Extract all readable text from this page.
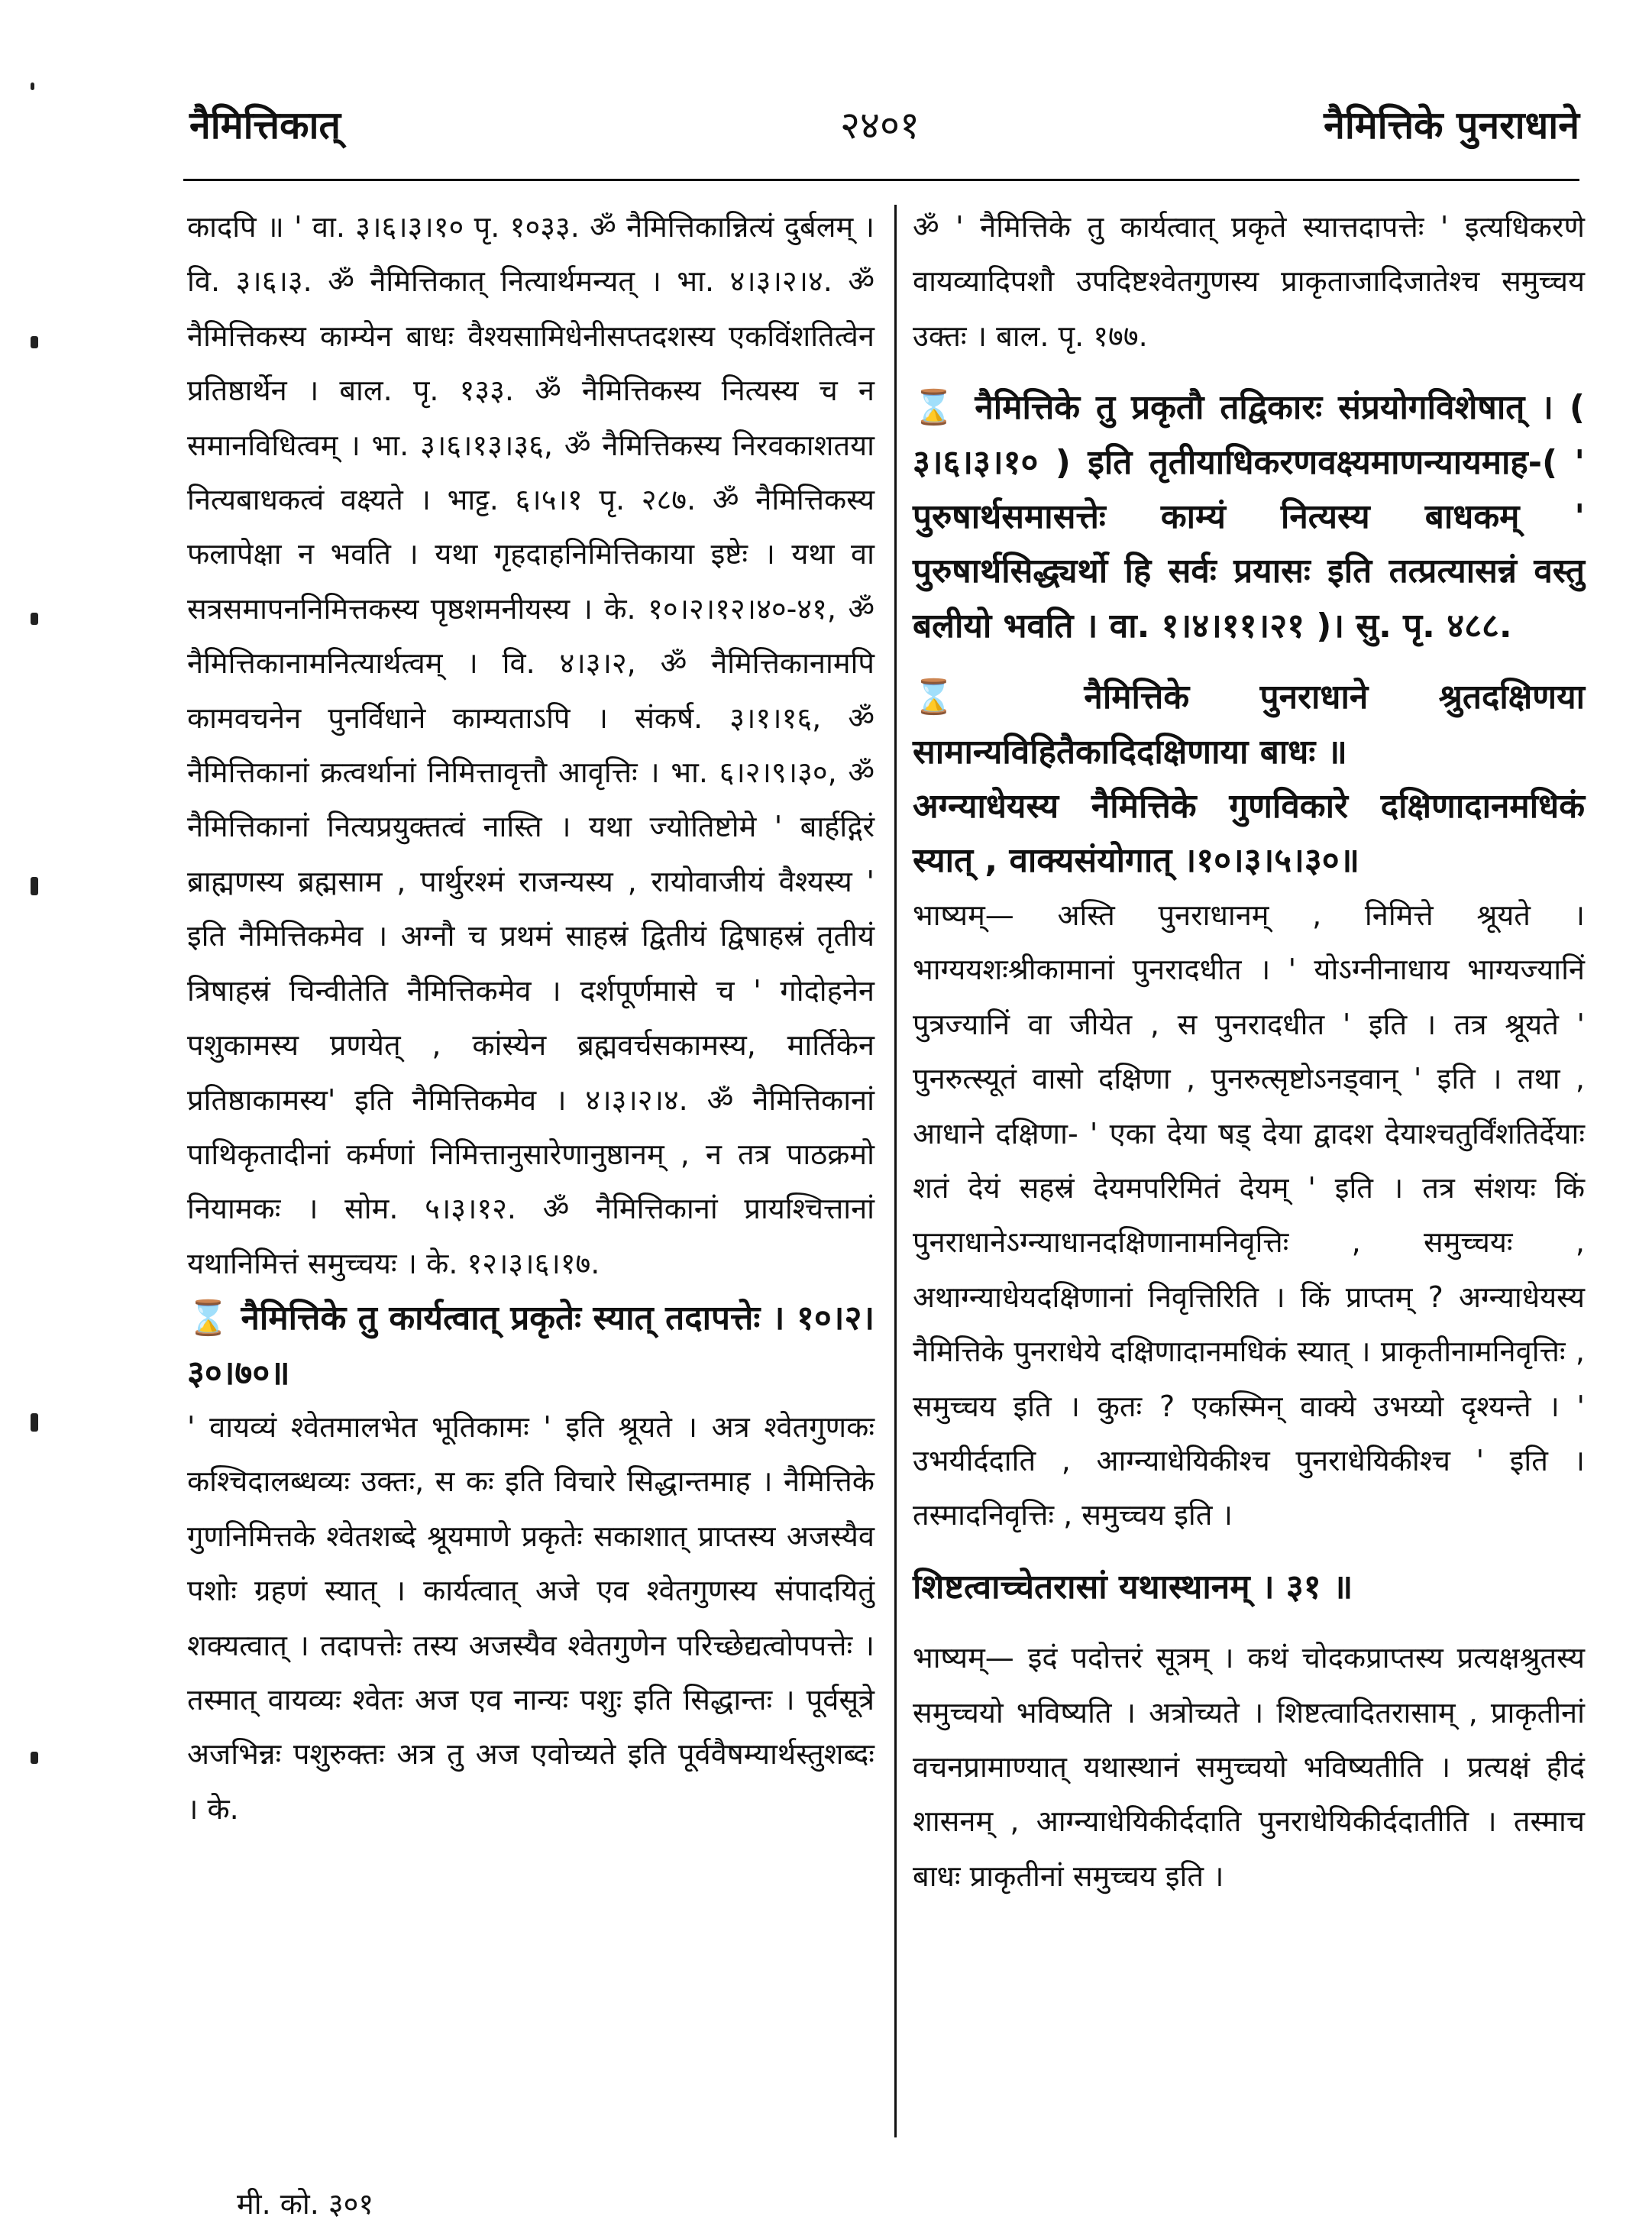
नैमित्तिकात्	२४०१	नैमित्तिके पुनराधाने

कादपि ॥ ' वा. ३।६।३।१० पृ. १०३३. ॐ नैमित्तिकान्नित्यं दुर्बलम् । वि. ३।६।३. ॐ नैमित्तिकात् नित्यार्थमन्यत् । भा. ४।३।२।४. ॐ नैमित्तिकस्य काम्येन बाधः वैश्यसामिधेनीसप्तदशस्य एकविंशतित्वेन प्रतिष्ठार्थेन । बाल. पृ. १३३. ॐ नैमित्तिकस्य नित्यस्य च न समानविधित्वम् । भा. ३।६।१३।३६, ॐ नैमित्तिकस्य निरवकाशतया नित्यबाधकत्वं वक्ष्यते । भाट्ट. ६।५।१ पृ. २८७. ॐ नैमित्तिकस्य फलापेक्षा न भवति । यथा गृहदाहनिमित्तिकाया इष्टेः । यथा वा सत्रसमापननिमित्तकस्य पृष्ठशमनीयस्य । के. १०।२।१२।४०-४१, ॐ नैमित्तिकानामनित्यार्थत्वम् । वि. ४।३।२, ॐ नैमित्तिकानामपि कामवचनेन पुनर्विधाने काम्यताऽपि । संकर्ष. ३।१।१६, ॐ नैमित्तिकानां क्रत्वर्थानां निमित्तावृत्तौ आवृत्तिः । भा. ६।२।९।३०, ॐ नैमित्तिकानां नित्यप्रयुक्तत्वं नास्ति । यथा ज्योतिष्टोमे ' बार्हद्गिरं ब्राह्मणस्य ब्रह्मसाम , पार्थुरश्मं राजन्यस्य , रायोवाजीयं वैश्यस्य ' इति नैमित्तिकमेव । अग्नौ च प्रथमं साहस्रं द्वितीयं द्विषाहस्रं तृतीयं त्रिषाहस्रं चिन्वीतेति नैमित्तिकमेव । दर्शपूर्णमासे च ' गोदोहनेन पशुकामस्य प्रणयेत् , कांस्येन ब्रह्मवर्चसकामस्य, मार्तिकेन प्रतिष्ठाकामस्य' इति नैमित्तिकमेव । ४।३।२।४. ॐ नैमित्तिकानां पाथिकृतादीनां कर्मणां निमित्तानुसारेणानुष्ठानम् , न तत्र पाठक्रमो नियामकः । सोम. ५।३।१२. ॐ नैमित्तिकानां प्रायश्चित्तानां यथानिमित्तं समुच्चयः । के. १२।३।६।१७.

⌛ नैमित्तिके तु कार्यत्वात् प्रकृतेः स्यात् तदापत्तेः । १०।२।३०।७०॥

' वायव्यं श्वेतमालभेत भूतिकामः ' इति श्रूयते । अत्र श्वेतगुणकः कश्चिदालब्धव्यः उक्तः, स कः इति विचारे सिद्धान्तमाह । नैमित्तिके गुणनिमित्तके श्वेतशब्दे श्रूयमाणे प्रकृतेः सकाशात् प्राप्तस्य अजस्यैव पशोः ग्रहणं स्यात् । कार्यत्वात् अजे एव श्वेतगुणस्य संपादयितुं शक्यत्वात् । तदापत्तेः तस्य अजस्यैव श्वेतगुणेन परिच्छेद्यत्वोपपत्तेः । तस्मात् वायव्यः श्वेतः अज एव नान्यः पशुः इति सिद्धान्तः । पूर्वसूत्रे अजभिन्नः पशुरुक्तः अत्र तु अज एवोच्यते इति पूर्ववैषम्यार्थस्तुशब्दः । के.

ॐ ' नैमित्तिके तु कार्यत्वात् प्रकृते स्यात्तदापत्तेः ' इत्यधिकरणे वायव्यादिपशौ उपदिष्टश्वेतगुणस्य प्राकृताजादिजातेश्च समुच्चय उक्तः । बाल. पृ. १७७.

⌛ नैमित्तिके तु प्रकृतौ तद्विकारः संप्रयोगविशेषात् । ( ३।६।३।१० ) इति तृतीयाधिकरणवक्ष्यमाणन्यायमाह-( ' पुरुषार्थसमासत्तेः काम्यं नित्यस्य बाधकम् ' पुरुषार्थसिद्ध्यर्थो हि सर्वः प्रयासः इति तत्प्रत्यासन्नं वस्तु बलीयो भवति । वा. १।४।११।२१ )। सु. पृ. ४८८.

⌛ नैमित्तिके पुनराधाने श्रुतदक्षिणया सामान्यविहितैकादिदक्षिणाया बाधः ॥

अग्न्याधेयस्य नैमित्तिके गुणविकारे दक्षिणादानमधिकं स्यात् , वाक्यसंयोगात् ।१०।३।५।३०॥

भाष्यम्— अस्ति पुनराधानम् , निमित्ते श्रूयते । भाग्ययशःश्रीकामानां पुनरादधीत । ' योऽग्नीनाधाय भाग्यज्यानिं पुत्रज्यानिं वा जीयेत , स पुनरादधीत ' इति । तत्र श्रूयते ' पुनरुत्स्यूतं वासो दक्षिणा , पुनरुत्सृष्टोऽनड्वान् ' इति । तथा , आधाने दक्षिणा- ' एका देया षड् देया द्वादश देयाश्चतुर्विंशतिर्देयाः शतं देयं सहस्रं देयमपरिमितं देयम् ' इति । तत्र संशयः किं पुनराधानेऽग्न्याधानदक्षिणानामनिवृत्तिः , समुच्चयः , अथाग्न्याधेयदक्षिणानां निवृत्तिरिति । किं प्राप्तम् ? अग्न्याधेयस्य नैमित्तिके पुनराधेये दक्षिणादानमधिकं स्यात् । प्राकृतीनामनिवृत्तिः , समुच्चय इति । कुतः ? एकस्मिन् वाक्ये उभय्यो दृश्यन्ते । ' उभयीर्ददाति , आग्न्याधेयिकीश्च पुनराधेयिकीश्च ' इति । तस्मादनिवृत्तिः , समुच्चय इति ।

शिष्टत्वाच्चेतरासां यथास्थानम् । ३१ ॥

भाष्यम्— इदं पदोत्तरं सूत्रम् । कथं चोदकप्राप्तस्य प्रत्यक्षश्रुतस्य समुच्चयो भविष्यति । अत्रोच्यते । शिष्टत्वादितरासाम् , प्राकृतीनां वचनप्रामाण्यात् यथास्थानं समुच्चयो भविष्यतीति । प्रत्यक्षं हीदं शासनम् , आग्न्याधेयिकीर्ददाति पुनराधेयिकीर्ददातीति । तस्माच बाधः प्राकृतीनां समुच्चय इति ।

मी. को. ३०१
